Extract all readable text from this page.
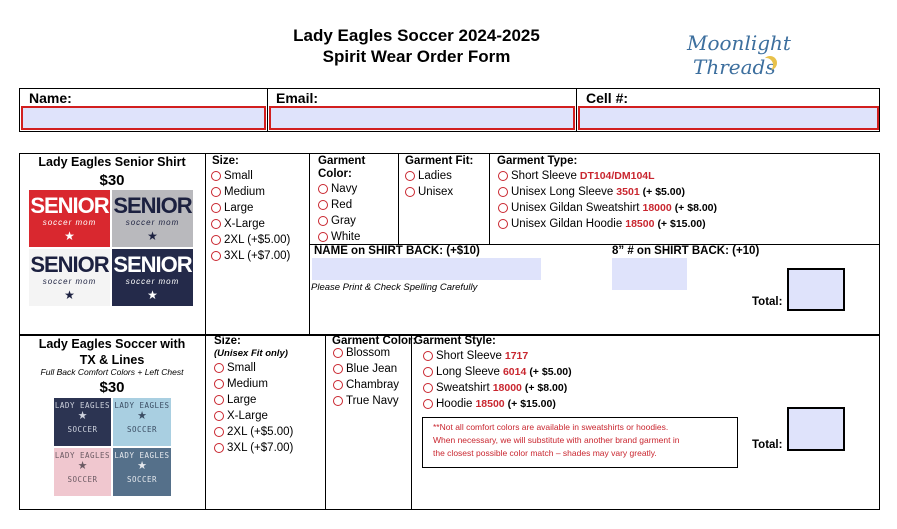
Lady Eagles Soccer 2024-2025
Spirit Wear Order Form
Moonlight
Threads
Name:	Email:	Cell #:
Lady Eagles Senior Shirt
$30
SENIOR
soccer mom
★
SENIOR
soccer mom
★
SENIOR
soccer mom
★
SENIOR
soccer mom
★
Size:
Small
Medium
Large
X-Large
2XL (+$5.00)
3XL (+$7.00)
Garment
Color:
Navy
Red
Gray
White
Garment Fit:
Ladies
Unisex
Garment Type:
Short Sleeve DT104/DM104L
Unisex Long Sleeve 3501 (+ $5.00)
Unisex Gildan Sweatshirt 18000 (+ $8.00)
Unisex Gildan Hoodie 18500 (+ $15.00)
NAME on SHIRT BACK: (+$10)
Please Print & Check Spelling Carefully
8” # on SHIRT BACK: (+10)
Total:
Lady Eagles Soccer with
TX & Lines
Full Back Comfort Colors + Left Chest
$30
LADY EAGLES
★
SOCCER
LADY EAGLES
★
SOCCER
LADY EAGLES
★
SOCCER
LADY EAGLES
★
SOCCER
Size:
(Unisex Fit only)
Small
Medium
Large
X-Large
2XL (+$5.00)
3XL (+$7.00)
Garment Color:
Blossom
Blue Jean
Chambray
True Navy
Garment Style:
Short Sleeve 1717
Long Sleeve 6014 (+ $5.00)
Sweatshirt 18000 (+ $8.00)
Hoodie 18500 (+ $15.00)
**Not all comfort colors are available in sweatshirts or hoodies.
When necessary, we will substitute with another brand garment in
the closest possible color match – shades may vary greatly.
Total:
